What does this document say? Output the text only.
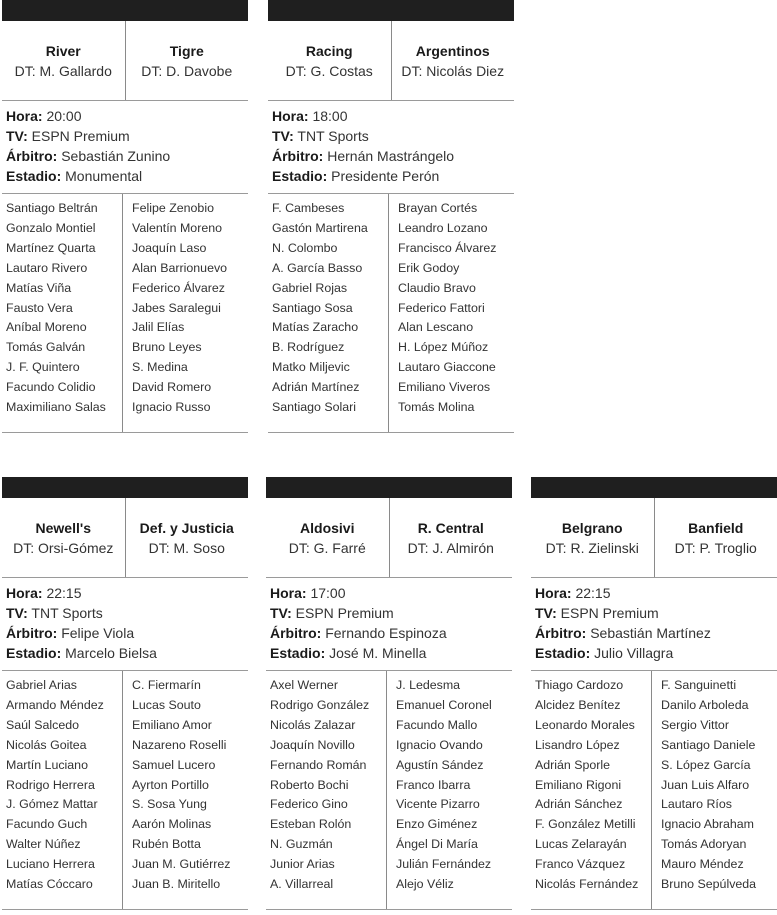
River
DT: M. Gallardo
Tigre
DT: D. Davobe
Hora: 20:00
TV: ESPN Premium
Árbitro: Sebastián Zunino
Estadio: Monumental
Santiago Beltrán
Gonzalo Montiel
Martínez Quarta
Lautaro Rivero
Matías Viña
Fausto Vera
Aníbal Moreno
Tomás Galván
J. F. Quintero
Facundo Colidio
Maximiliano Salas
Felipe Zenobio
Valentín Moreno
Joaquín Laso
Alan Barrionuevo
Federico Álvarez
Jabes Saralegui
Jalil Elías
Bruno Leyes
S. Medina
David Romero
Ignacio Russo
Racing
DT: G. Costas
Argentinos
DT: Nicolás Diez
Hora: 18:00
TV: TNT Sports
Árbitro: Hernán Mastrángelo
Estadio: Presidente Perón
F. Cambeses
Gastón Martirena
N. Colombo
A. García Basso
Gabriel Rojas
Santiago Sosa
Matías Zaracho
B. Rodríguez
Matko Miljevic
Adrián Martínez
Santiago Solari
Brayan Cortés
Leandro Lozano
Francisco Álvarez
Erik Godoy
Claudio Bravo
Federico Fattori
Alan Lescano
H. López Múñoz
Lautaro Giaccone
Emiliano Viveros
Tomás Molina
Newell's
DT: Orsi-Gómez
Def. y Justicia
DT: M. Soso
Hora: 22:15
TV: TNT Sports
Árbitro: Felipe Viola
Estadio: Marcelo Bielsa
Gabriel Arias
Armando Méndez
Saúl Salcedo
Nicolás Goitea
Martín Luciano
Rodrigo Herrera
J. Gómez Mattar
Facundo Guch
Walter Núñez
Luciano Herrera
Matías Cóccaro
C. Fiermarín
Lucas Souto
Emiliano Amor
Nazareno Roselli
Samuel Lucero
Ayrton Portillo
S. Sosa Yung
Aarón Molinas
Rubén Botta
Juan M. Gutiérrez
Juan B. Miritello
Aldosivi
DT: G. Farré
R. Central
DT: J. Almirón
Hora: 17:00
TV: ESPN Premium
Árbitro: Fernando Espinoza
Estadio: José M. Minella
Axel Werner
Rodrigo González
Nicolás Zalazar
Joaquín Novillo
Fernando Román
Roberto Bochi
Federico Gino
Esteban Rolón
N. Guzmán
Junior Arias
A. Villarreal
J. Ledesma
Emanuel Coronel
Facundo Mallo
Ignacio Ovando
Agustín Sández
Franco Ibarra
Vicente Pizarro
Enzo Giménez
Ángel Di María
Julián Fernández
Alejo Véliz
Belgrano
DT: R. Zielinski
Banfield
DT: P. Troglio
Hora: 22:15
TV: ESPN Premium
Árbitro: Sebastián Martínez
Estadio: Julio Villagra
Thiago Cardozo
Alcidez Benítez
Leonardo Morales
Lisandro López
Adrián Sporle
Emiliano Rigoni
Adrián Sánchez
F. González Metilli
Lucas Zelarayán
Franco Vázquez
Nicolás Fernández
F. Sanguinetti
Danilo Arboleda
Sergio Vittor
Santiago Daniele
S. López García
Juan Luis Alfaro
Lautaro Ríos
Ignacio Abraham
Tomás Adoryan
Mauro Méndez
Bruno Sepúlveda
